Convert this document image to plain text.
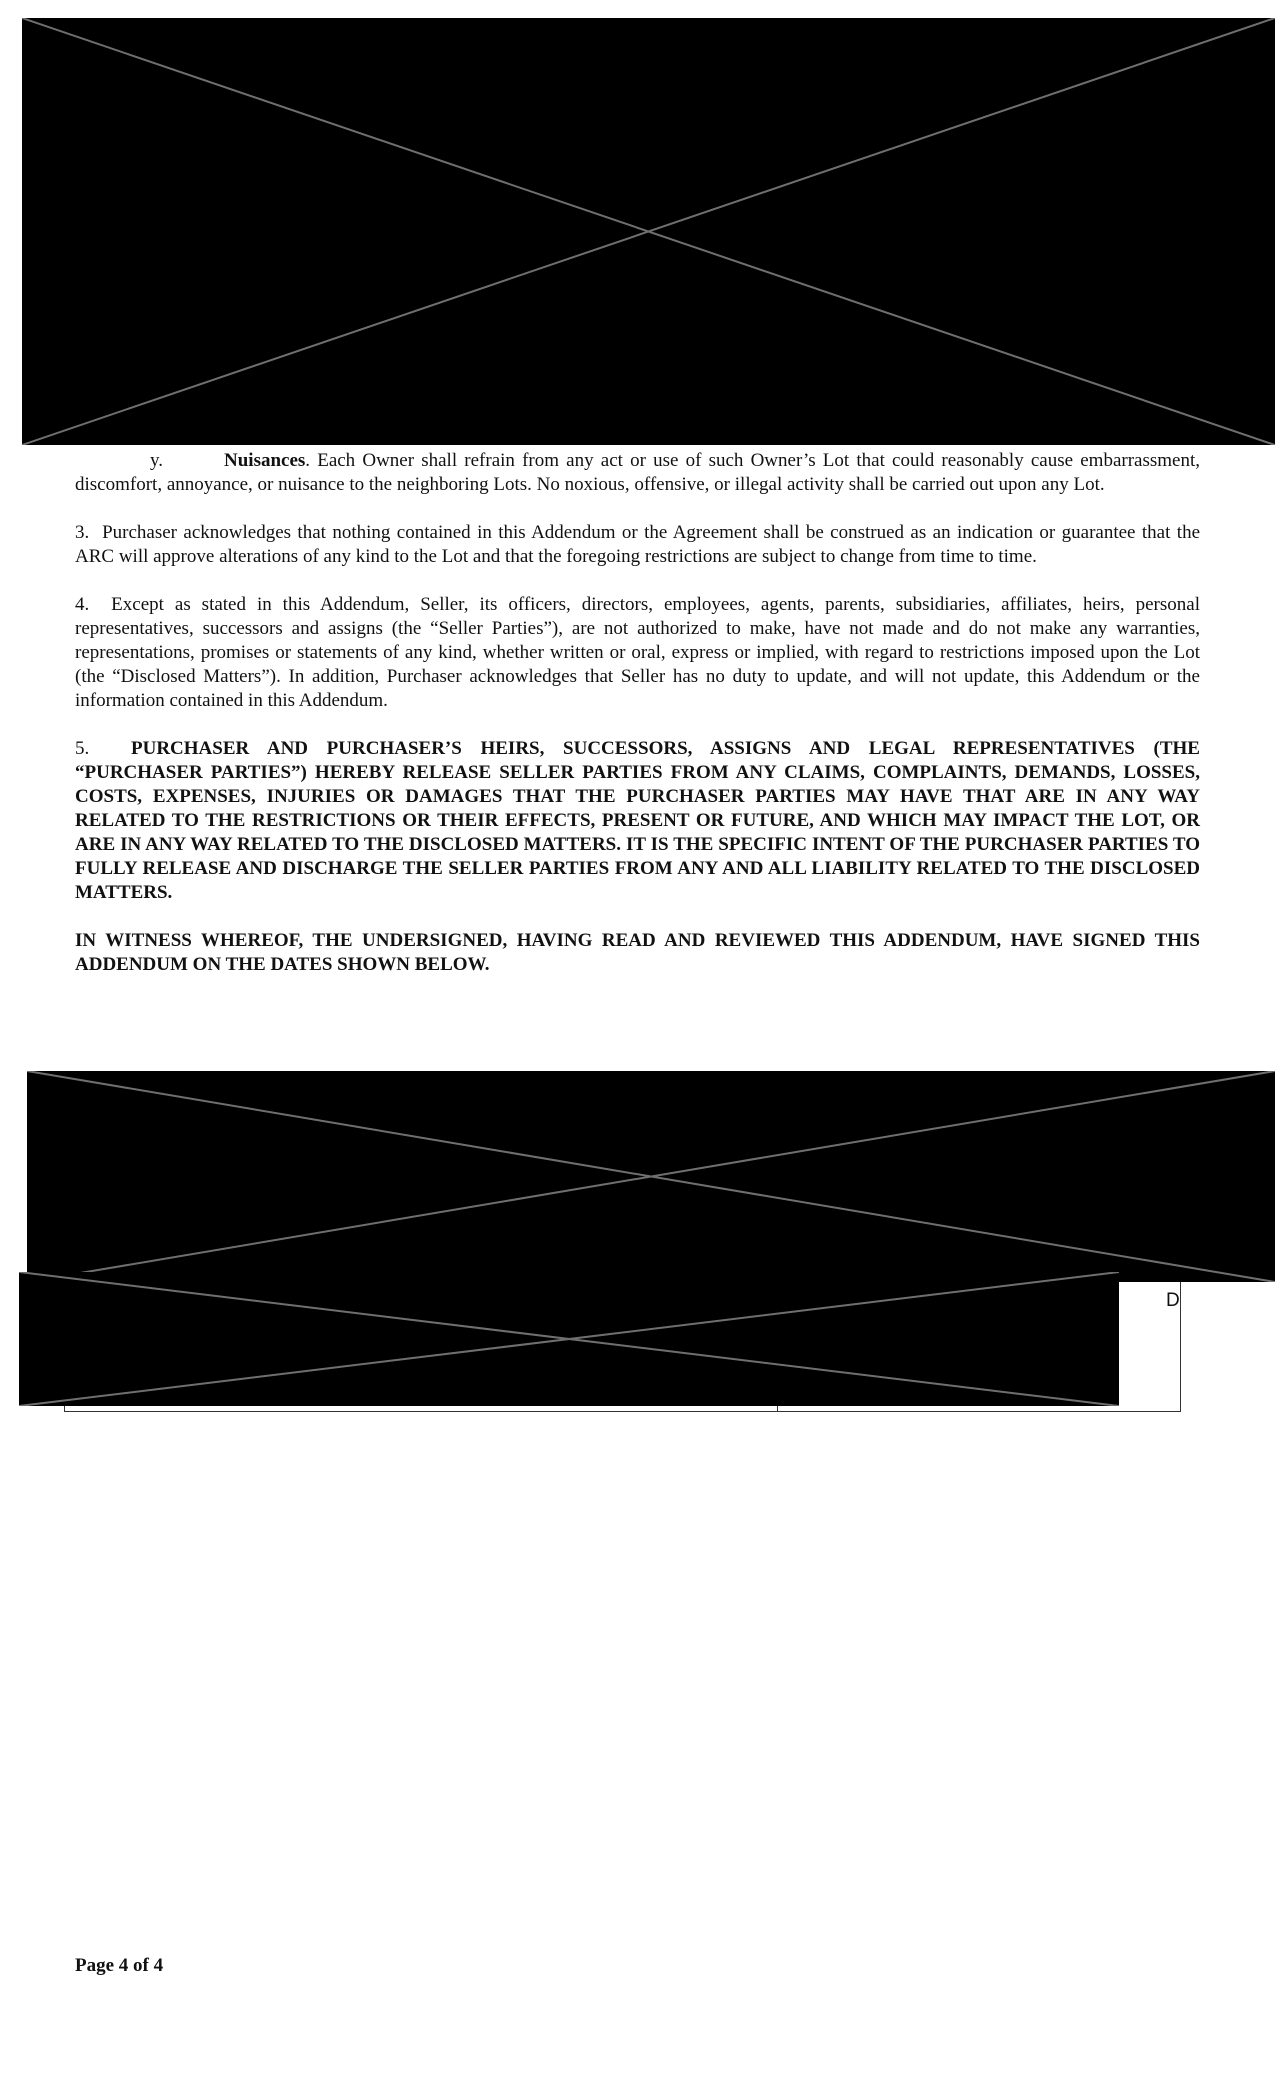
y.	Nuisances. Each Owner shall refrain from any act or use of such Owner’s Lot that could reasonably cause embarrassment, discomfort, annoyance, or nuisance to the neighboring Lots. No noxious, offensive, or illegal activity shall be carried out upon any Lot.

3. Purchaser acknowledges that nothing contained in this Addendum or the Agreement shall be construed as an indication or guarantee that the ARC will approve alterations of any kind to the Lot and that the foregoing restrictions are subject to change from time to time.

4. Except as stated in this Addendum, Seller, its officers, directors, employees, agents, parents, subsidiaries, affiliates, heirs, personal representatives, successors and assigns (the “Seller Parties”), are not authorized to make, have not made and do not make any warranties, representations, promises or statements of any kind, whether written or oral, express or implied, with regard to restrictions imposed upon the Lot (the “Disclosed Matters”). In addition, Purchaser acknowledges that Seller has no duty to update, and will not update, this Addendum or the information contained in this Addendum.

5. PURCHASER AND PURCHASER’S HEIRS, SUCCESSORS, ASSIGNS AND LEGAL REPRESENTATIVES (THE “PURCHASER PARTIES”) HEREBY RELEASE SELLER PARTIES FROM ANY CLAIMS, COMPLAINTS, DEMANDS, LOSSES, COSTS, EXPENSES, INJURIES OR DAMAGES THAT THE PURCHASER PARTIES MAY HAVE THAT ARE IN ANY WAY RELATED TO THE RESTRICTIONS OR THEIR EFFECTS, PRESENT OR FUTURE, AND WHICH MAY IMPACT THE LOT, OR ARE IN ANY WAY RELATED TO THE DISCLOSED MATTERS. IT IS THE SPECIFIC INTENT OF THE PURCHASER PARTIES TO FULLY RELEASE AND DISCHARGE THE SELLER PARTIES FROM ANY AND ALL LIABILITY RELATED TO THE DISCLOSED MATTERS.

IN WITNESS WHEREOF, THE UNDERSIGNED, HAVING READ AND REVIEWED THIS ADDENDUM, HAVE SIGNED THIS ADDENDUM ON THE DATES SHOWN BELOW.

D
Page 4 of 4
